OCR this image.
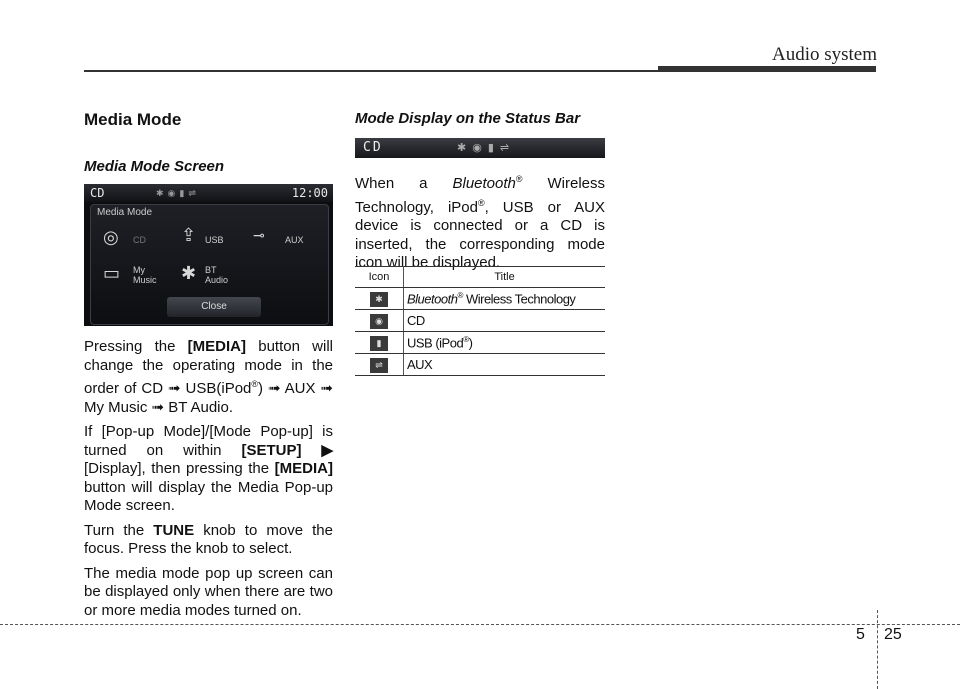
Audio system
Media Mode
Media Mode Screen
CD	✱◉▮⇌	12:00
Media Mode
◎ CD ⇪ USB ⊸ AUX
▭ My
Music ✱ BT
Audio
Close

Pressing the [MEDIA] button will change the operating mode in the order of CD ➟ USB(iPod®) ➟ AUX ➟ My Music ➟ BT Audio.

If [Pop-up Mode]/[Mode Pop-up] is turned on within [SETUP] ▶ [Display], then pressing the [MEDIA] button will display the Media Pop-up Mode screen.

Turn the TUNE knob to move the focus. Press the knob to select.

The media mode pop up screen can be displayed only when there are two or more media modes turned on.

Mode Display on the Status Bar
CD	✱◉▮⇌

When a Bluetooth® Wireless Technology, iPod®, USB or AUX device is connected or a CD is inserted, the corresponding mode icon will be displayed.

Icon	Title
✱	Bluetooth® Wireless Technology
◉	CD
▮	USB (iPod®)
⇌	AUX
5 25
